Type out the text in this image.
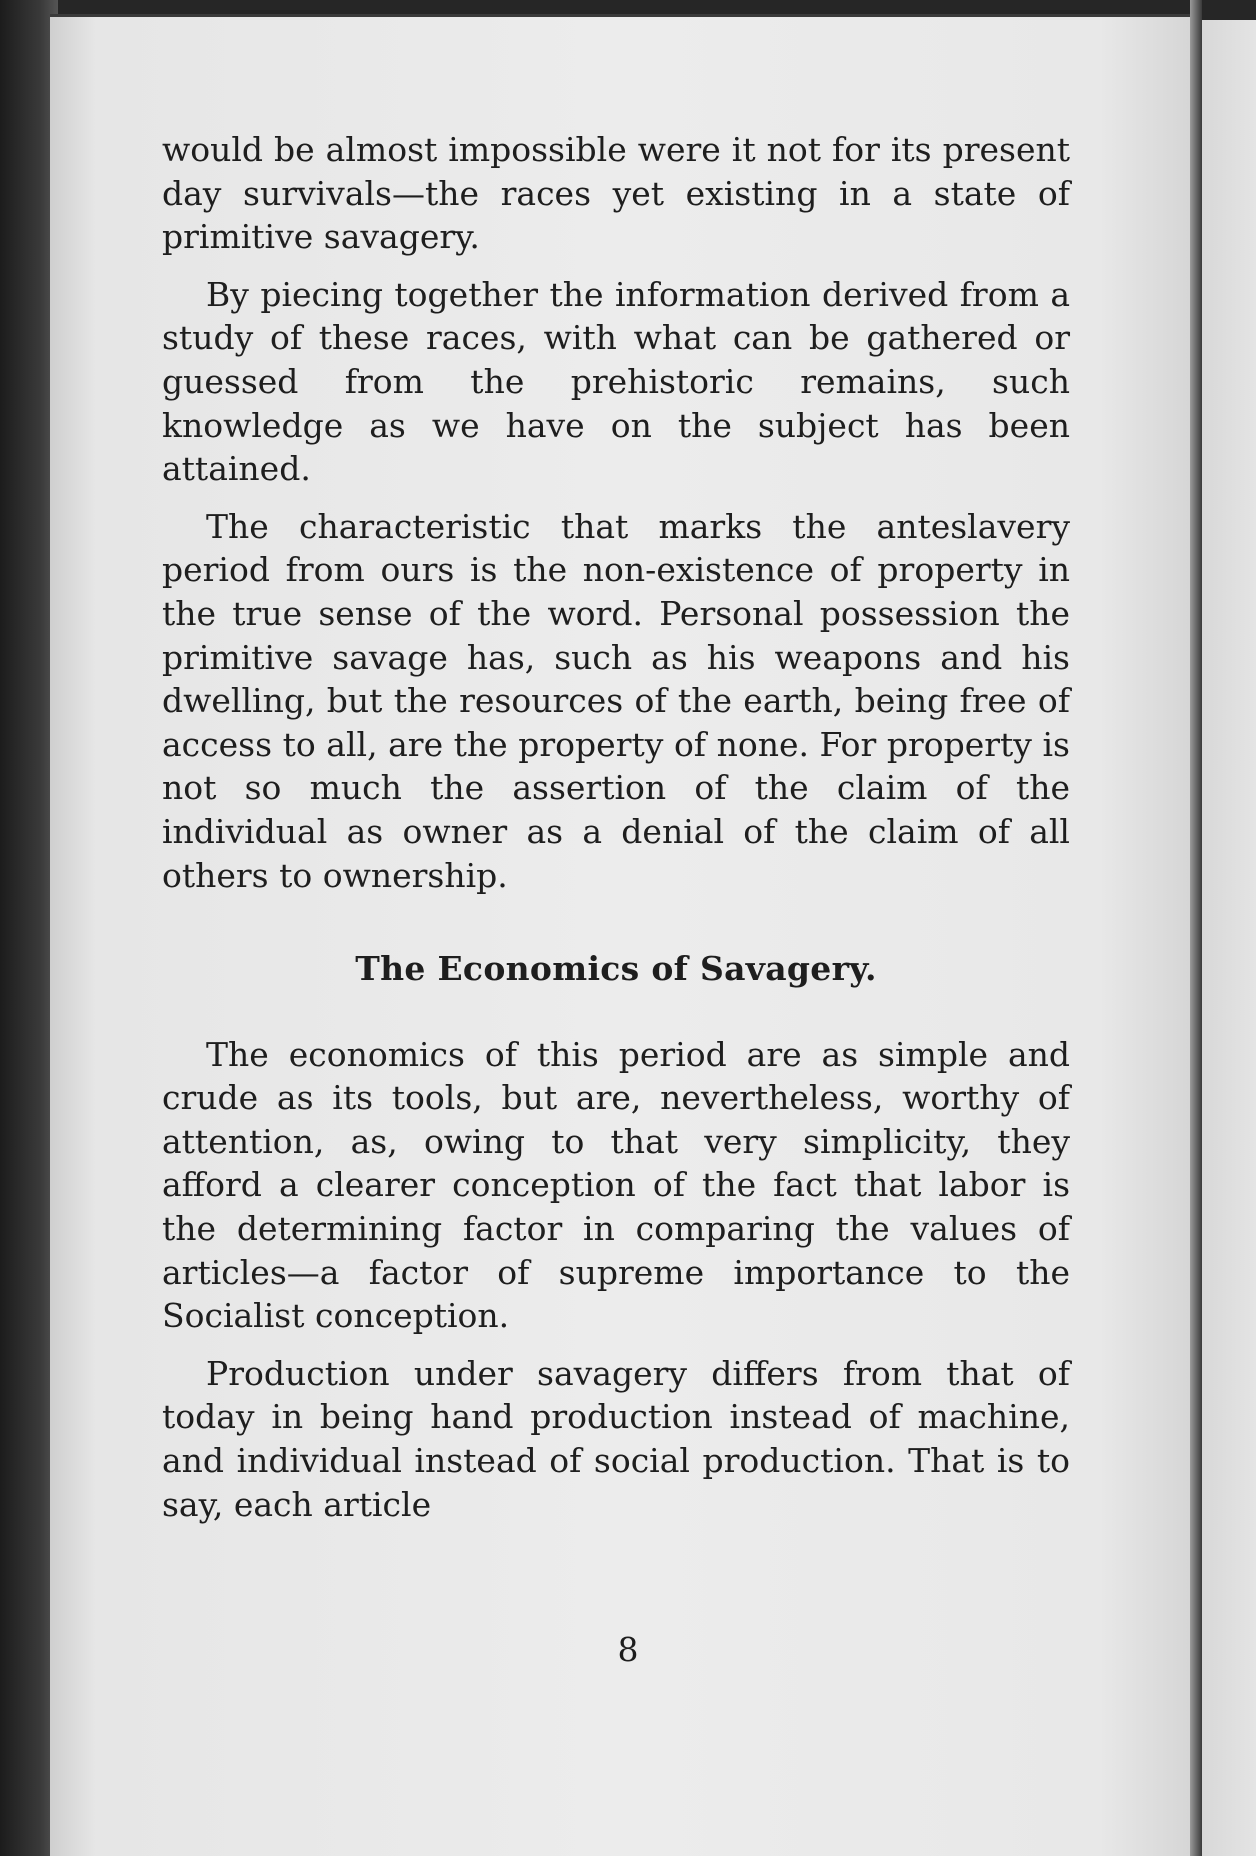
would be almost impossible were it not for its present day survivals—the races yet existing in a state of primitive savagery.

By piecing together the information derived from a study of these races, with what can be gathered or guessed from the prehistoric remains, such knowledge as we have on the subject has been attained.

The characteristic that marks the anteslavery period from ours is the non-existence of property in the true sense of the word. Personal possession the primitive savage has, such as his weapons and his dwelling, but the resources of the earth, being free of access to all, are the property of none. For property is not so much the assertion of the claim of the individual as owner as a denial of the claim of all others to ownership.

The Economics of Savagery.

The economics of this period are as simple and crude as its tools, but are, nevertheless, worthy of attention, as, owing to that very simplicity, they afford a clearer conception of the fact that labor is the determining factor in comparing the values of articles—a factor of supreme importance to the Socialist conception.

Production under savagery differs from that of today in being hand production instead of machine, and individual instead of social production. That is to say, each article

8
